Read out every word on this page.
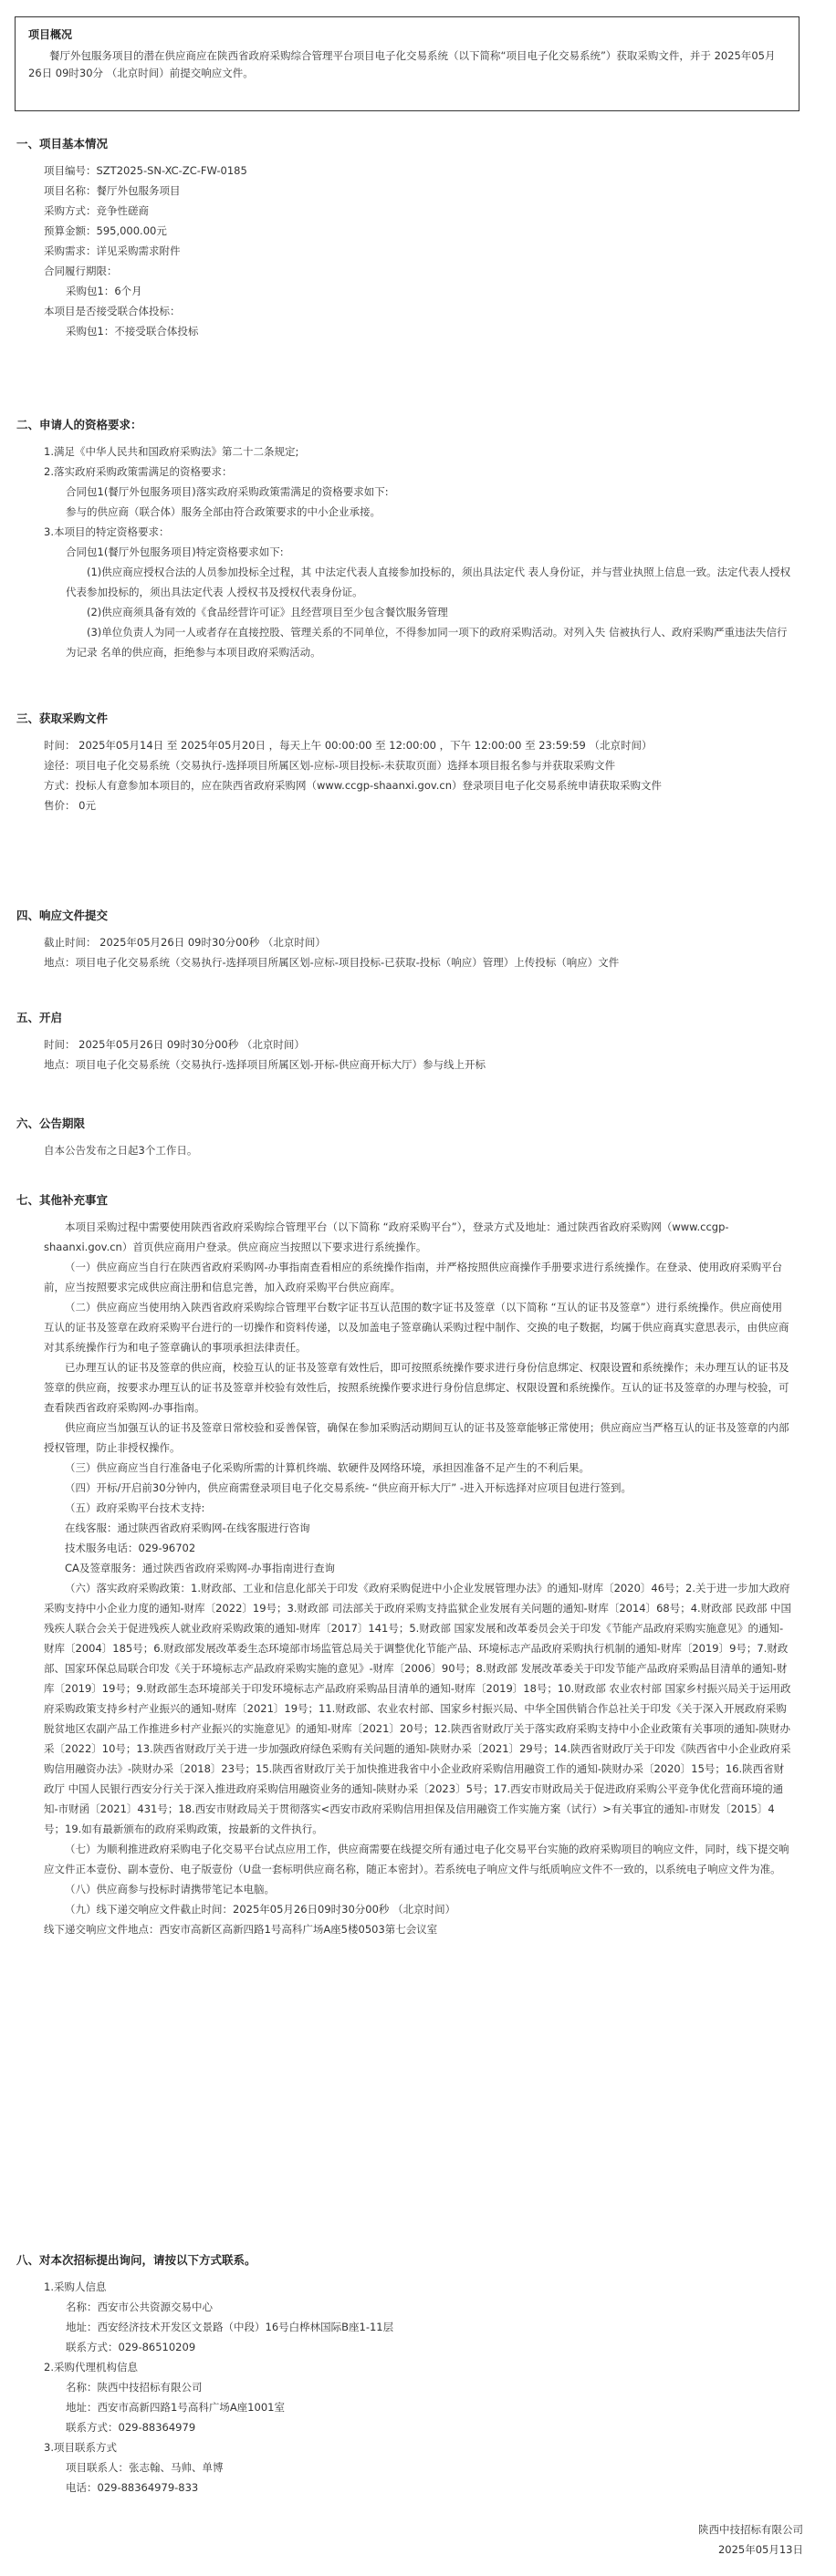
项目概况

餐厅外包服务项目的潜在供应商应在陕西省政府采购综合管理平台项目电子化交易系统（以下简称“项目电子化交易系统”）获取采购文件，并于 2025年05月26日 09时30分 （北京时间）前提交响应文件。

一、项目基本情况

项目编号：SZT2025-SN-XC-ZC-FW-0185

项目名称：餐厅外包服务项目

采购方式：竞争性磋商

预算金额：595,000.00元

采购需求：详见采购需求附件

合同履行期限：

采购包1：6个月

本项目是否接受联合体投标：

采购包1：不接受联合体投标

二、申请人的资格要求：

1.满足《中华人民共和国政府采购法》第二十二条规定;

2.落实政府采购政策需满足的资格要求：

合同包1(餐厅外包服务项目)落实政府采购政策需满足的资格要求如下:

参与的供应商（联合体）服务全部由符合政策要求的中小企业承接。

3.本项目的特定资格要求：

合同包1(餐厅外包服务项目)特定资格要求如下:

(1)供应商应授权合法的人员参加投标全过程，其 中法定代表人直接参加投标的，须出具法定代 表人身份证，并与营业执照上信息一致。法定代表人授权代表参加投标的，须出具法定代表 人授权书及授权代表身份证。

(2)供应商须具备有效的《食品经营许可证》且经营项目至少包含餐饮服务管理

(3)单位负责人为同一人或者存在直接控股、管理关系的不同单位，不得参加同一项下的政府采购活动。对列入失 信被执行人、政府采购严重违法失信行为记录 名单的供应商，拒绝参与本项目政府采购活动。

三、获取采购文件

时间： 2025年05月14日 至 2025年05月20日 ，每天上午 00:00:00 至 12:00:00 ，下午 12:00:00 至 23:59:59 （北京时间）

途径：项目电子化交易系统（交易执行-选择项目所属区划-应标-项目投标-未获取页面）选择本项目报名参与并获取采购文件

方式：投标人有意参加本项目的，应在陕西省政府采购网（www.ccgp-shaanxi.gov.cn）登录项目电子化交易系统申请获取采购文件

售价： 0元

四、响应文件提交

截止时间： 2025年05月26日 09时30分00秒 （北京时间）

地点：项目电子化交易系统（交易执行-选择项目所属区划-应标-项目投标-已获取-投标（响应）管理）上传投标（响应）文件

五、开启

时间： 2025年05月26日 09时30分00秒 （北京时间）

地点：项目电子化交易系统（交易执行-选择项目所属区划-开标-供应商开标大厅）参与线上开标

六、公告期限

自本公告发布之日起3个工作日。

七、其他补充事宜

本项目采购过程中需要使用陕西省政府采购综合管理平台（以下简称 “政府采购平台”），登录方式及地址：通过陕西省政府采购网（www.ccgp-shaanxi.gov.cn）首页供应商用户登录。供应商应当按照以下要求进行系统操作。

（一）供应商应当自行在陕西省政府采购网-办事指南查看相应的系统操作指南，并严格按照供应商操作手册要求进行系统操作。在登录、使用政府采购平台前，应当按照要求完成供应商注册和信息完善，加入政府采购平台供应商库。

（二）供应商应当使用纳入陕西省政府采购综合管理平台数字证书互认范围的数字证书及签章（以下简称 “互认的证书及签章”）进行系统操作。供应商使用互认的证书及签章在政府采购平台进行的一切操作和资料传递，以及加盖电子签章确认采购过程中制作、交换的电子数据，均属于供应商真实意思表示，由供应商对其系统操作行为和电子签章确认的事项承担法律责任。

已办理互认的证书及签章的供应商，校验互认的证书及签章有效性后，即可按照系统操作要求进行身份信息绑定、权限设置和系统操作；未办理互认的证书及签章的供应商，按要求办理互认的证书及签章并校验有效性后，按照系统操作要求进行身份信息绑定、权限设置和系统操作。互认的证书及签章的办理与校验，可查看陕西省政府采购网-办事指南。

供应商应当加强互认的证书及签章日常校验和妥善保管，确保在参加采购活动期间互认的证书及签章能够正常使用；供应商应当严格互认的证书及签章的内部授权管理，防止非授权操作。

（三）供应商应当自行准备电子化采购所需的计算机终端、软硬件及网络环境，承担因准备不足产生的不利后果。

（四）开标/开启前30分钟内，供应商需登录项目电子化交易系统- “供应商开标大厅” -进入开标选择对应项目包进行签到。

（五）政府采购平台技术支持:

在线客服：通过陕西省政府采购网-在线客服进行咨询

技术服务电话：029-96702

CA及签章服务：通过陕西省政府采购网-办事指南进行查询

（六）落实政府采购政策：1.财政部、工业和信息化部关于印发《政府采购促进中小企业发展管理办法》的通知-财库〔2020〕46号；2.关于进一步加大政府采购支持中小企业力度的通知-财库〔2022〕19号；3.财政部 司法部关于政府采购支持监狱企业发展有关问题的通知-财库〔2014〕68号；4.财政部 民政部 中国残疾人联合会关于促进残疾人就业政府采购政策的通知-财库〔2017〕141号；5.财政部 国家发展和改革委员会关于印发《节能产品政府采购实施意见》的通知-财库〔2004〕185号；6.财政部发展改革委生态环境部市场监管总局关于调整优化节能产品、环境标志产品政府采购执行机制的通知-财库〔2019〕9号；7.财政部、国家环保总局联合印发《关于环境标志产品政府采购实施的意见》-财库〔2006〕90号；8.财政部 发展改革委关于印发节能产品政府采购品目清单的通知-财库〔2019〕19号；9.财政部生态环境部关于印发环境标志产品政府采购品目清单的通知-财库〔2019〕18号；10.财政部 农业农村部 国家乡村振兴局关于运用政府采购政策支持乡村产业振兴的通知-财库〔2021〕19号；11.财政部、农业农村部、国家乡村振兴局、中华全国供销合作总社关于印发《关于深入开展政府采购脱贫地区农副产品工作推进乡村产业振兴的实施意见》的通知-财库〔2021〕20号；12.陕西省财政厅关于落实政府采购支持中小企业政策有关事项的通知-陕财办采〔2022〕10号；13.陕西省财政厅关于进一步加强政府绿色采购有关问题的通知-陕财办采〔2021〕29号；14.陕西省财政厅关于印发《陕西省中小企业政府采购信用融资办法》-陕财办采〔2018〕23号；15.陕西省财政厅关于加快推进我省中小企业政府采购信用融资工作的通知-陕财办采〔2020〕15号；16.陕西省财政厅 中国人民银行西安分行关于深入推进政府采购信用融资业务的通知-陕财办采〔2023〕5号；17.西安市财政局关于促进政府采购公平竞争优化营商环境的通知-市财函〔2021〕431号；18.西安市财政局关于贯彻落实<西安市政府采购信用担保及信用融资工作实施方案（试行）>有关事宜的通知-市财发〔2015〕4号；19.如有最新颁布的政府采购政策，按最新的文件执行。

（七）为顺利推进政府采购电子化交易平台试点应用工作，供应商需要在线提交所有通过电子化交易平台实施的政府采购项目的响应文件，同时，线下提交响应文件正本壹份、副本壹份、电子版壹份（U盘一套标明供应商名称，随正本密封）。若系统电子响应文件与纸质响应文件不一致的，以系统电子响应文件为准。

（八）供应商参与投标时请携带笔记本电脑。

（九）线下递交响应文件截止时间：2025年05月26日09时30分00秒 （北京时间）

线下递交响应文件地点：西安市高新区高新四路1号高科广场A座5楼0503第七会议室

八、对本次招标提出询问，请按以下方式联系。

1.采购人信息

名称：西安市公共资源交易中心

地址：西安经济技术开发区文景路（中段）16号白桦林国际B座1-11层

联系方式：029-86510209

2.采购代理机构信息

名称：陕西中技招标有限公司

地址：西安市高新四路1号高科广场A座1001室

联系方式：029-88364979

3.项目联系方式

项目联系人：张志翰、马帅、单博

电话：029-88364979-833

陕西中技招标有限公司
2025年05月13日
